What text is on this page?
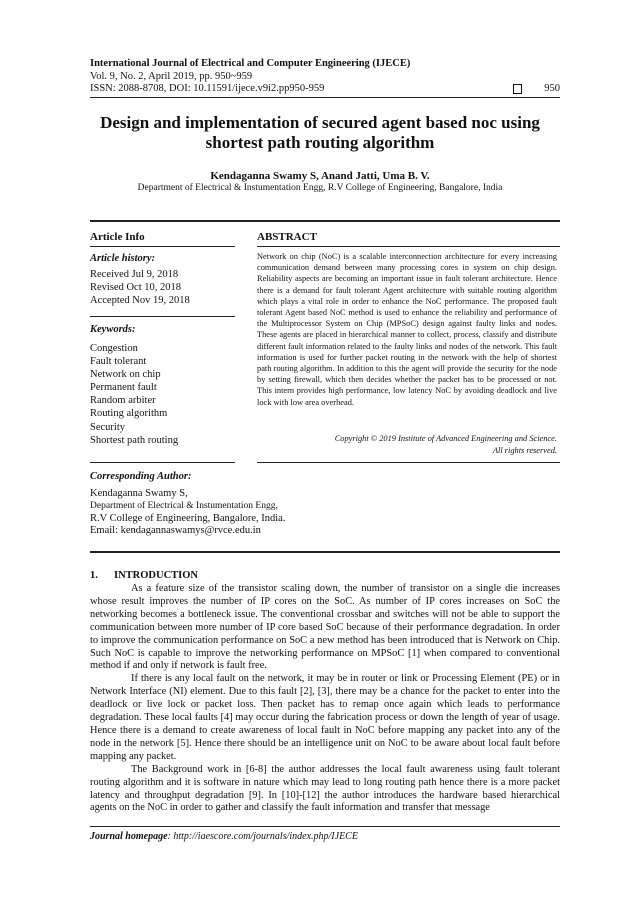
International Journal of Electrical and Computer Engineering (IJECE)
Vol. 9, No. 2, April 2019, pp. 950~959
ISSN: 2088-8708, DOI: 10.11591/ijece.v9i2.pp950-959	950
Design and implementation of secured agent based noc using shortest path routing algorithm
Kendaganna Swamy S, Anand Jatti, Uma B. V.
Department of Electrical & Instumentation Engg, R.V College of Engineering, Bangalore, India
Article Info	ABSTRACT
Article history:
Received Jul 9, 2018
Revised Oct 10, 2018
Accepted Nov 19, 2018
Keywords:
Congestion
Fault tolerant
Network on chip
Permanent fault
Random arbiter
Routing algorithm
Security
Shortest path routing
Network on chip (NoC) is a scalable interconnection architecture for every increasing communication demand between many processing cores in system on chip design. Reliability aspects are becoming an important issue in fault tolerant architecture. Hence there is a demand for fault tolerant Agent architecture with suitable routing algorithm which plays a vital role in order to enhance the NoC performance. The proposed fault tolerant Agent based NoC method is used to enhance the reliability and performance of the Multiprocessor System on Chip (MPSoC) design against faulty links and nodes. These agents are placed in hierarchical manner to collect, process, classify and distribute different fault information related to the faulty links and nodes of the network. This fault information is used for further packet routing in the network with the help of shortest path routing algorithm. In addition to this the agent will provide the security for the node by setting firewall, which then decides whether the packet has to be processed or not. This intern provides high performance, low latency NoC by avoiding deadlock and live lock with low area overhead.
Copyright © 2019 Institute of Advanced Engineering and Science.
All rights reserved.
Corresponding Author:
Kendaganna Swamy S,
Department of Electrical & Instumentation Engg,
R.V College of Engineering, Bangalore, India.
Email: kendagannaswamys@rvce.edu.in
1. INTRODUCTION

As a feature size of the transistor scaling down, the number of transistor on a single die increases whose result improves the number of IP cores on the SoC. As number of IP cores increases on SoC the networking becomes a bottleneck issue. The conventional crossbar and switches will not be able to support the communication between more number of IP core based SoC because of their performance degradation. In order to improve the communication performance on SoC a new method has been introduced that is Network on Chip. Such NoC is capable to improve the networking performance on MPSoC [1] when compared to conventional method if and only if network is fault free.

If there is any local fault on the network, it may be in router or link or Processing Element (PE) or in Network Interface (NI) element. Due to this fault [2], [3], there may be a chance for the packet to enter into the deadlock or live lock or packet loss. Then packet has to remap once again which leads to performance degradation. These local faults [4] may occur during the fabrication process or down the length of year of usage. Hence there is a demand to create awareness of local fault in NoC before mapping any packet into any of the node in the network [5]. Hence there should be an intelligence unit on NoC to be aware about local fault before mapping any packet.

The Background work in [6-8] the author addresses the local fault awareness using fault tolerant routing algorithm and it is software in nature which may lead to long routing path hence there is a more packet latency and throughput degradation [9]. In [10]-[12] the author introduces the hardware based hierarchical agents on the NoC in order to gather and classify the fault information and transfer that message

Journal homepage: http://iaescore.com/journals/index.php/IJECE
